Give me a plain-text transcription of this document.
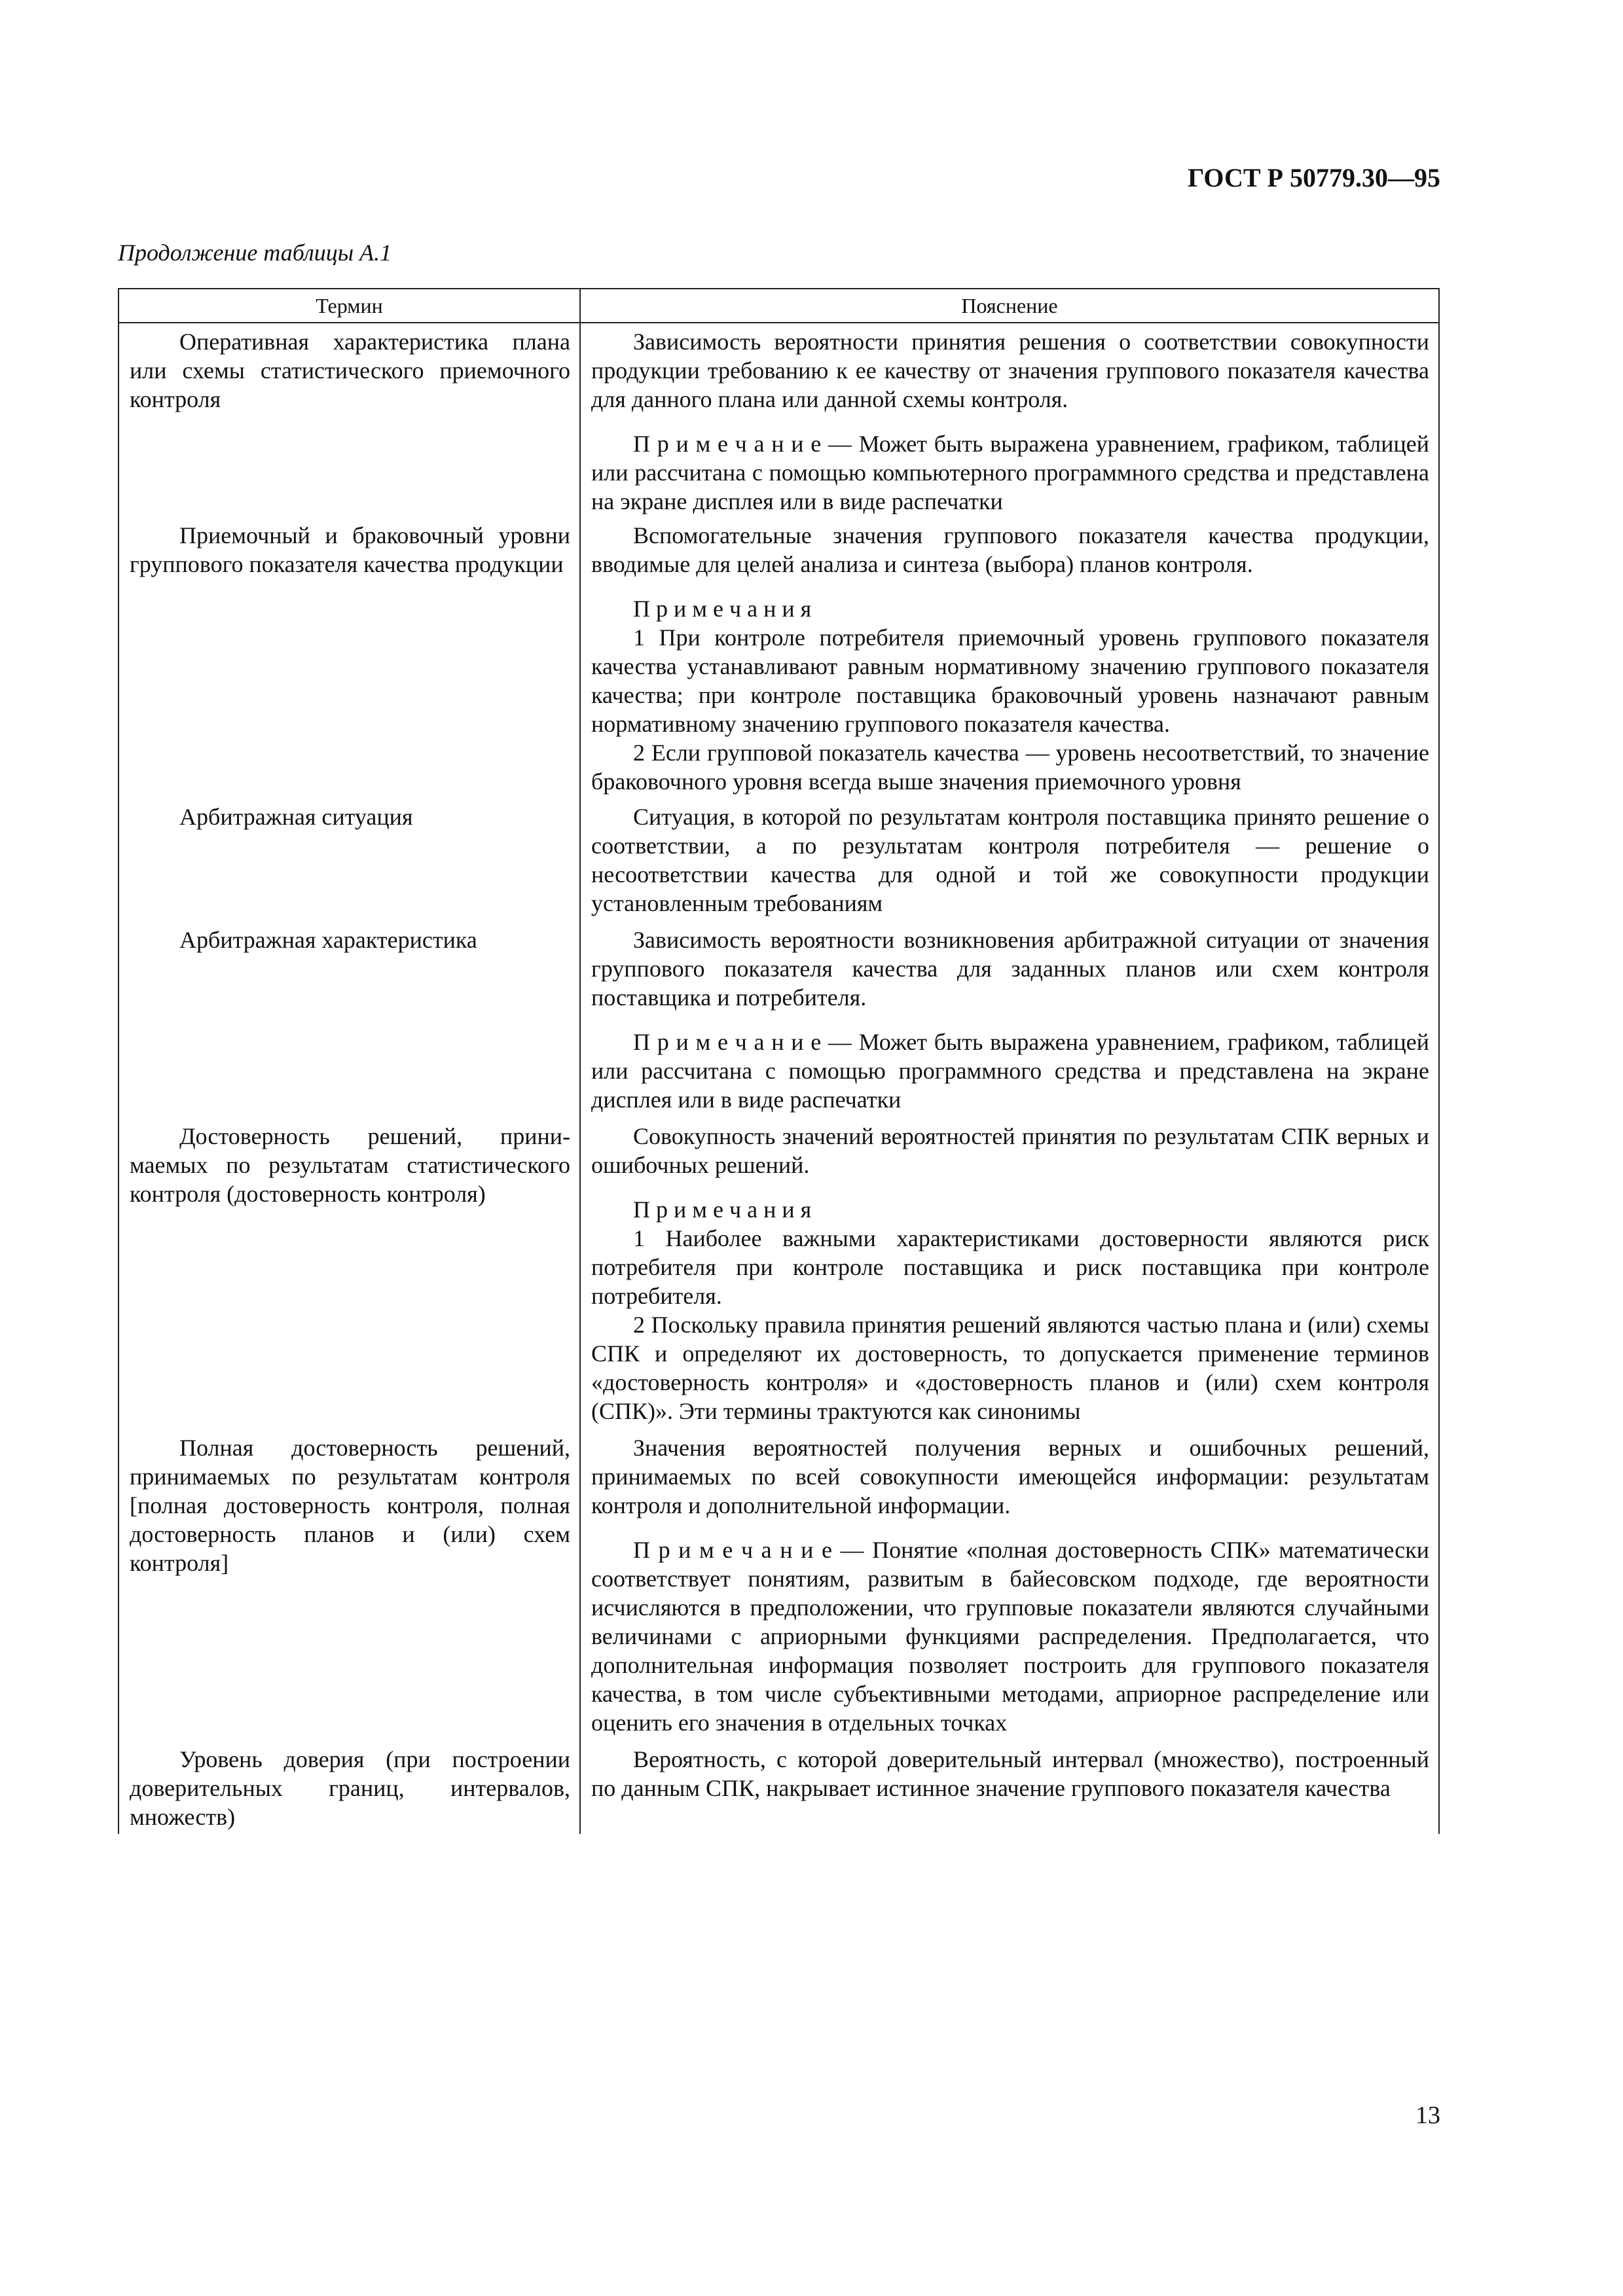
ГОСТ Р 50779.30—95
Продолжение таблицы А.1
Термин	Пояснение

Оперативная характеристика плана или схемы статистического приемочного контроля	Зависимость вероятности принятия решения о соответствии совокупности продукции требованию к ее качеству от значения группового показателя качества для данного плана или данной схемы контроля.

П р и м е ч а н и е — Может быть выражена уравнением, графиком, таблицей или рассчитана с помощью компьютерного программного средства и представлена на экране дисплея или в виде распечатки

Приемочный и браковочный уровни группового показателя качества продукции	Вспомогательные значения группового показателя качества продукции, вводимые для целей анализа и синтеза (выбора) планов контроля.

П р и м е ч а н и я

1 При контроле потребителя приемочный уровень группового показателя качества устанавливают равным нормативному значению группового показателя качества; при контроле поставщика браковочный уровень назначают равным нормативному значению группового показателя качества.

2 Если групповой показатель качества — уровень несоответствий, то значение браковочного уровня всегда выше значения приемочного уровня

Арбитражная ситуация	Ситуация, в которой по результатам контроля поставщика принято решение о соответствии, а по результатам контроля потребителя — решение о несоответствии качества для одной и той же совокупности продукции установленным требованиям

Арбитражная характеристика	Зависимость вероятности возникновения арбитражной ситуации от значения группового показателя качества для заданных планов или схем контроля поставщика и потребителя.

П р и м е ч а н и е — Может быть выражена уравнением, графиком, таблицей или рассчитана с помощью программного средства и представлена на экране дисплея или в виде распечатки

Достоверность решений, принимаемых по результатам статистического контроля (достоверность контроля)	Совокупность значений вероятностей принятия по результатам СПК верных и ошибочных решений.

П р и м е ч а н и я

1 Наиболее важными характеристиками достоверности являются риск потребителя при контроле поставщика и риск поставщика при контроле потребителя.

2 Поскольку правила принятия решений являются частью плана и (или) схемы СПК и определяют их достоверность, то допускается применение терминов «достоверность контроля» и «достоверность планов и (или) схем контроля (СПК)». Эти термины трактуются как синонимы

Полная достоверность решений, принимаемых по результатам контроля [полная достоверность контроля, полная достоверность планов и (или) схем контроля]	Значения вероятностей получения верных и ошибочных решений, принимаемых по всей совокупности имеющейся информации: результатам контроля и дополнительной информации.

П р и м е ч а н и е — Понятие «полная достоверность СПК» математически соответствует понятиям, развитым в байесовском подходе, где вероятности исчисляются в предположении, что групповые показатели являются случайными величинами с априорными функциями распределения. Предполагается, что дополнительная информация позволяет построить для группового показателя качества, в том числе субъективными методами, априорное распределение или оценить его значения в отдельных точках

Уровень доверия (при построении доверительных границ, интервалов, множеств)	Вероятность, с которой доверительный интервал (множество), построенный по данным СПК, накрывает истинное значение группового показателя качества

13
